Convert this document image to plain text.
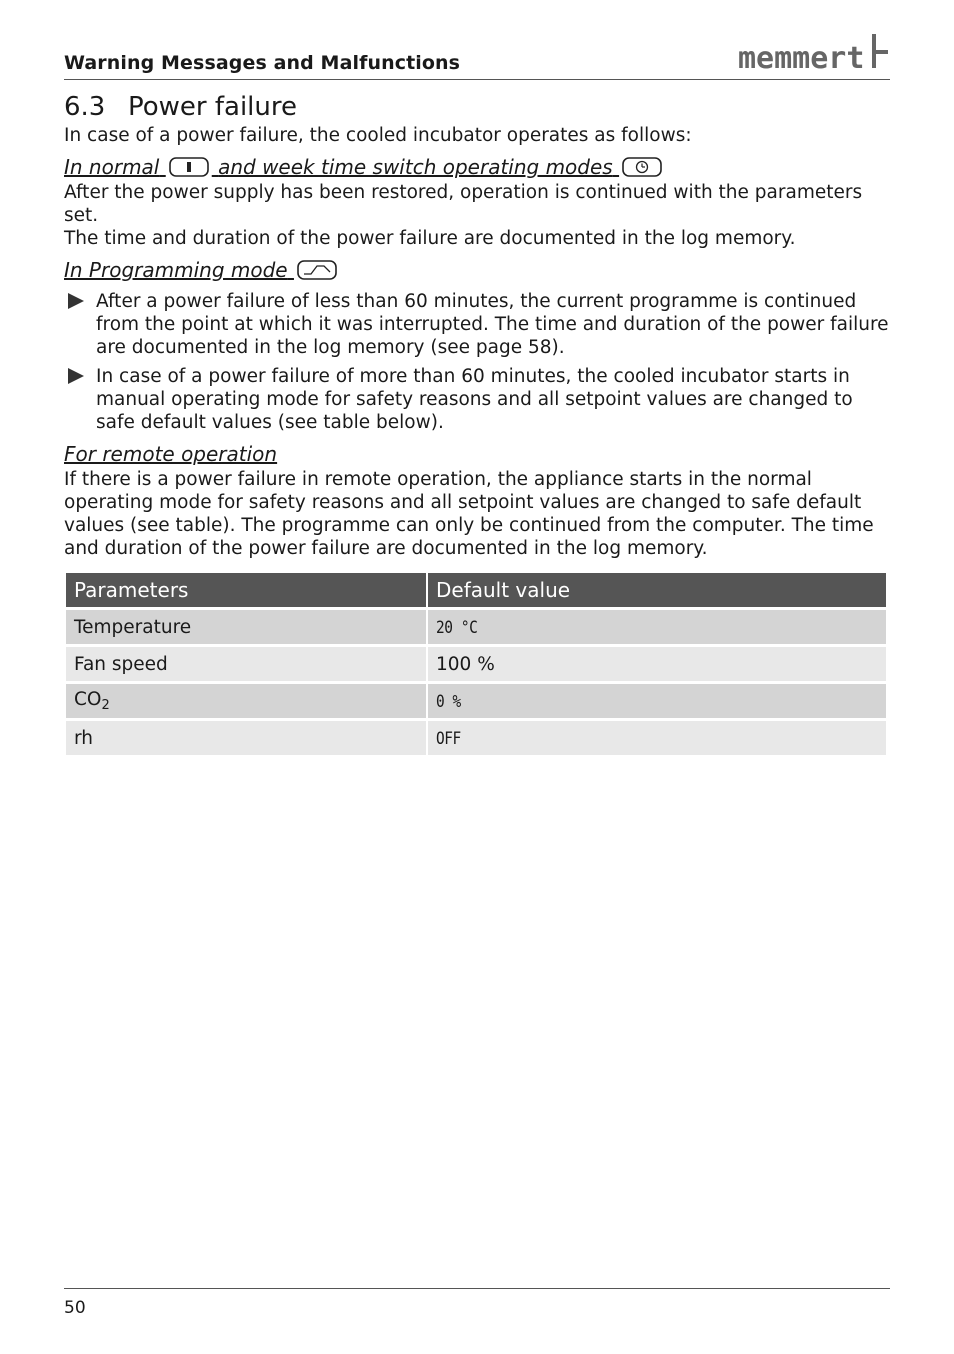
Warning Messages and Malfunctions	memmert
6.3 Power failure

In case of a power failure, the cooled incubator operates as follows:

In normal	and week time switch operating modes

After the power supply has been restored, operation is continued with the parameters set.

The time and duration of the power failure are documented in the log memory.

In Programming mode

After a power failure of less than 60 minutes, the current programme is continued from the point at which it was interrupted. The time and duration of the power failure are documented in the log memory (see page 58).

In case of a power failure of more than 60 minutes, the cooled incubator starts in manual operating mode for safety reasons and all setpoint values are changed to safe default values (see table below).

For remote operation

If there is a power failure in remote operation, the appliance starts in the normal operating mode for safety reasons and all setpoint values are changed to safe default values (see table). The programme can only be continued from the computer. The time and duration of the power failure are documented in the log memory.

Parameters	Default value
Temperature	20 °C
Fan speed	100 %
$CO_2$	0 %
rh	OFF
50
